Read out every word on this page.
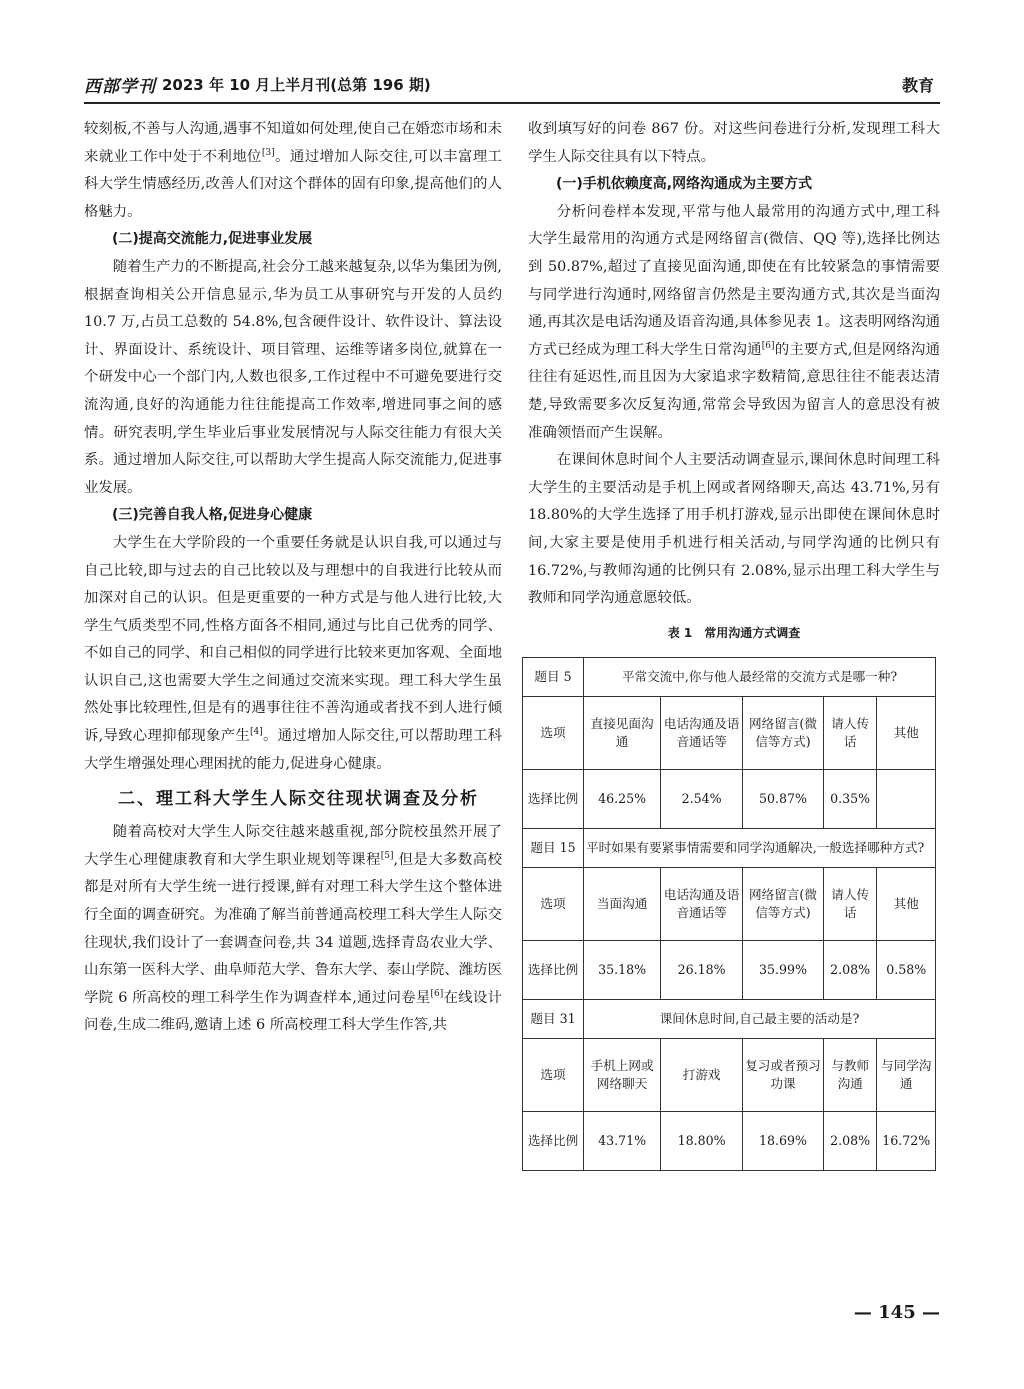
西部学刊 2023 年 10 月上半月刊(总第 196 期)	教育

较刻板,不善与人沟通,遇事不知道如何处理,使自己在婚恋市场和未来就业工作中处于不利地位[3]。通过增加人际交往,可以丰富理工科大学生情感经历,改善人们对这个群体的固有印象,提高他们的人格魅力。

(二)提高交流能力,促进事业发展

随着生产力的不断提高,社会分工越来越复杂,以华为集团为例,根据查询相关公开信息显示,华为员工从事研究与开发的人员约 10.7 万,占员工总数的 54.8%,包含硬件设计、软件设计、算法设计、界面设计、系统设计、项目管理、运维等诸多岗位,就算在一个研发中心一个部门内,人数也很多,工作过程中不可避免要进行交流沟通,良好的沟通能力往往能提高工作效率,增进同事之间的感情。研究表明,学生毕业后事业发展情况与人际交往能力有很大关系。通过增加人际交往,可以帮助大学生提高人际交流能力,促进事业发展。

(三)完善自我人格,促进身心健康

大学生在大学阶段的一个重要任务就是认识自我,可以通过与自己比较,即与过去的自己比较以及与理想中的自我进行比较从而加深对自己的认识。但是更重要的一种方式是与他人进行比较,大学生气质类型不同,性格方面各不相同,通过与比自己优秀的同学、不如自己的同学、和自己相似的同学进行比较来更加客观、全面地认识自己,这也需要大学生之间通过交流来实现。理工科大学生虽然处事比较理性,但是有的遇事往往不善沟通或者找不到人进行倾诉,导致心理抑郁现象产生[4]。通过增加人际交往,可以帮助理工科大学生增强处理心理困扰的能力,促进身心健康。

二、理工科大学生人际交往现状调查及分析

随着高校对大学生人际交往越来越重视,部分院校虽然开展了大学生心理健康教育和大学生职业规划等课程[5],但是大多数高校都是对所有大学生统一进行授课,鲜有对理工科大学生这个整体进行全面的调查研究。为准确了解当前普通高校理工科大学生人际交往现状,我们设计了一套调查问卷,共 34 道题,选择青岛农业大学、山东第一医科大学、曲阜师范大学、鲁东大学、泰山学院、潍坊医学院 6 所高校的理工科学生作为调查样本,通过问卷星[6]在线设计问卷,生成二维码,邀请上述 6 所高校理工科大学生作答,共

收到填写好的问卷 867 份。对这些问卷进行分析,发现理工科大学生人际交往具有以下特点。

(一)手机依赖度高,网络沟通成为主要方式

分析问卷样本发现,平常与他人最常用的沟通方式中,理工科大学生最常用的沟通方式是网络留言(微信、QQ 等),选择比例达到 50.87%,超过了直接见面沟通,即使在有比较紧急的事情需要与同学进行沟通时,网络留言仍然是主要沟通方式,其次是当面沟通,再其次是电话沟通及语音沟通,具体参见表 1。这表明网络沟通方式已经成为理工科大学生日常沟通[6]的主要方式,但是网络沟通往往有延迟性,而且因为大家追求字数精简,意思往往不能表达清楚,导致需要多次反复沟通,常常会导致因为留言人的意思没有被准确领悟而产生误解。

在课间休息时间个人主要活动调查显示,课间休息时间理工科大学生的主要活动是手机上网或者网络聊天,高达 43.71%,另有 18.80%的大学生选择了用手机打游戏,显示出即使在课间休息时间,大家主要是使用手机进行相关活动,与同学沟通的比例只有 16.72%,与教师沟通的比例只有 2.08%,显示出理工科大学生与教师和同学沟通意愿较低。

表 1　常用沟通方式调查
题目 5	平常交流中,你与他人最经常的交流方式是哪一种?				
选项	直接见面沟通	电话沟通及语音通话等	网络留言(微信等方式)	请人传话	其他
选择比例	46.25%	2.54%	50.87%	0.35%	
题目 15	平时如果有要紧事情需要和同学沟通解决,一般选择哪种方式?				
选项	当面沟通	电话沟通及语音通话等	网络留言(微信等方式)	请人传话	其他
选择比例	35.18%	26.18%	35.99%	2.08%	0.58%
题目 31	课间休息时间,自己最主要的活动是?				
选项	手机上网或网络聊天	打游戏	复习或者预习功课	与教师沟通	与同学沟通
选择比例	43.71%	18.80%	18.69%	2.08%	16.72%
— 145 —
